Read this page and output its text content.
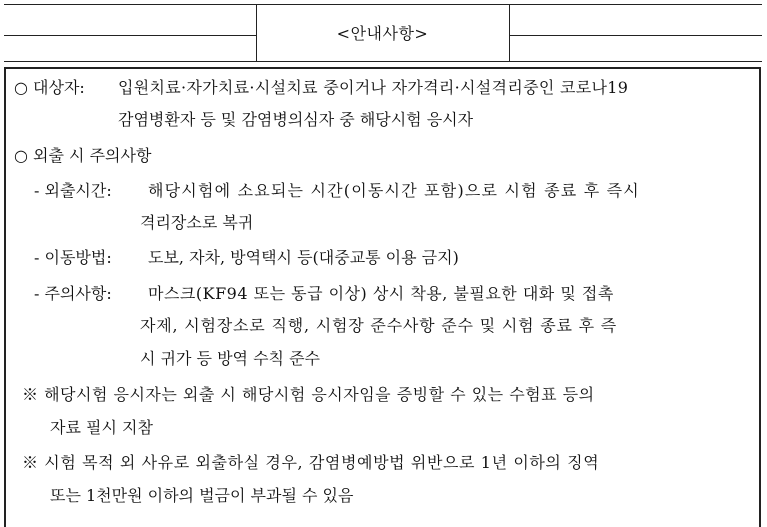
<안내사항>
○ 대상자: 입원치료·자가치료·시설치료 중이거나 자가격리·시설격리중인 코로나19
감염병환자 등 및 감염병의심자 중 해당시험 응시자
○ 외출 시 주의사항
- 외출시간: 해당시험에 소요되는 시간(이동시간 포함)으로 시험 종료 후 즉시
격리장소로 복귀
- 이동방법: 도보, 자차, 방역택시 등(대중교통 이용 금지)
- 주의사항: 마스크(KF94 또는 동급 이상) 상시 착용, 불필요한 대화 및 접촉
자제, 시험장소로 직행, 시험장 준수사항 준수 및 시험 종료 후 즉
시 귀가 등 방역 수칙 준수
※ 해당시험 응시자는 외출 시 해당시험 응시자임을 증빙할 수 있는 수험표 등의
자료 필시 지참
※ 시험 목적 외 사유로 외출하실 경우, 감염병예방법 위반으로 1년 이하의 징역
또는 1천만원 이하의 벌금이 부과될 수 있음
